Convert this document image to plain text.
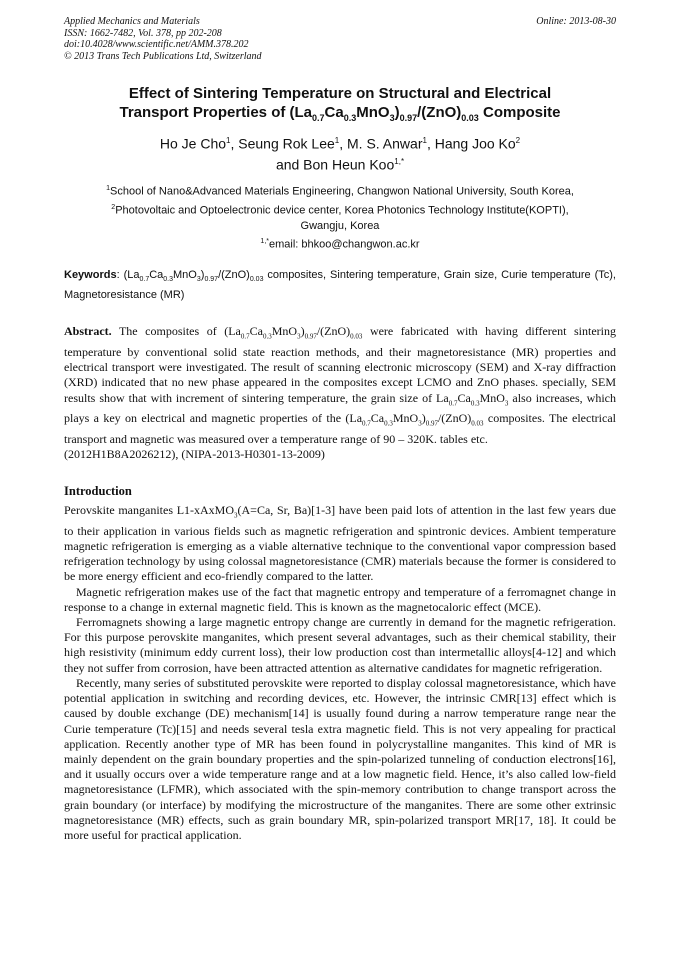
Applied Mechanics and Materials
ISSN: 1662-7482, Vol. 378, pp 202-208
doi:10.4028/www.scientific.net/AMM.378.202
© 2013 Trans Tech Publications Ltd, Switzerland
Online: 2013-08-30
Effect of Sintering Temperature on Structural and Electrical
Transport Properties of $(La_{0.7}Ca_{0.3}MnO_3)_{0.97}/(ZnO)_{0.03}$ Composite
Ho Je Cho$^1$, Seung Rok Lee$^1$, M. S. Anwar$^1$, Hang Joo Ko$^2$
and Bon Heun Koo$^{1,*}$
$^1$School of Nano&Advanced Materials Engineering, Changwon National University, South Korea,
$^2$Photovoltaic and Optoelectronic device center, Korea Photonics Technology Institute(KOPTI),
Gwangju, Korea
$^{1,*}$email: bhkoo@changwon.ac.kr
Keywords: $(La_{0.7}Ca_{0.3}MnO_3)_{0.97}/(ZnO)_{0.03}$ composites, Sintering temperature, Grain size, Curie temperature (Tc), Magnetoresistance (MR)
Abstract. The composites of $(La_{0.7}Ca_{0.3}MnO_3)_{0.97}/(ZnO)_{0.03}$ were fabricated with having different sintering temperature by conventional solid state reaction methods, and their magnetoresistance (MR) properties and electrical transport were investigated. The result of scanning electronic microscopy (SEM) and X-ray diffraction (XRD) indicated that no new phase appeared in the composites except LCMO and ZnO phases. specially, SEM results show that with increment of sintering temperature, the grain size of $La_{0.7}Ca_{0.3}MnO_3$ also increases, which plays a key on electrical and magnetic properties of the $(La_{0.7}Ca_{0.3}MnO_3)_{0.97}/(ZnO)_{0.03}$ composites. The electrical transport and magnetic was measured over a temperature range of 90 – 320K. tables etc.
(2012H1B8A2026212), (NIPA-2013-H0301-13-2009)
Introduction
Perovskite manganites L1-xAxMO$_3$(A=Ca, Sr, Ba)[1-3] have been paid lots of attention in the last few years due to their application in various fields such as magnetic refrigeration and spintronic devices. Ambient temperature magnetic refrigeration is emerging as a viable alternative technique to the conventional vapor compression based refrigeration technology by using colossal magnetoresistance (CMR) materials because the former is considered to be more energy efficient and eco-friendly compared to the latter.
Magnetic refrigeration makes use of the fact that magnetic entropy and temperature of a ferromagnet change in response to a change in external magnetic field. This is known as the magnetocaloric effect (MCE).
Ferromagnets showing a large magnetic entropy change are currently in demand for the magnetic refrigeration. For this purpose perovskite manganites, which present several advantages, such as their chemical stability, their high resistivity (minimum eddy current loss), their low production cost than intermetallic alloys[4-12] and which they not suffer from corrosion, have been attracted attention as alternative candidates for magnetic refrigeration.
Recently, many series of substituted perovskite were reported to display colossal magnetoresistance, which have potential application in switching and recording devices, etc. However, the intrinsic CMR[13] effect which is caused by double exchange (DE) mechanism[14] is usually found during a narrow temperature range near the Curie temperature (Tc)[15] and needs several tesla extra magnetic field. This is not very appealing for practical application. Recently another type of MR has been found in polycrystalline manganites. This kind of MR is mainly dependent on the grain boundary properties and the spin-polarized tunneling of conduction electrons[16], and it usually occurs over a wide temperature range and at a low magnetic field. Hence, it’s also called low-field magnetoresistance (LFMR), which associated with the spin-memory contribution to change transport across the grain boundary (or interface) by modifying the microstructure of the manganites. There are some other extrinsic magnetoresistance (MR) effects, such as grain boundary MR, spin-polarized transport MR[17, 18]. It could be more useful for practical application.
